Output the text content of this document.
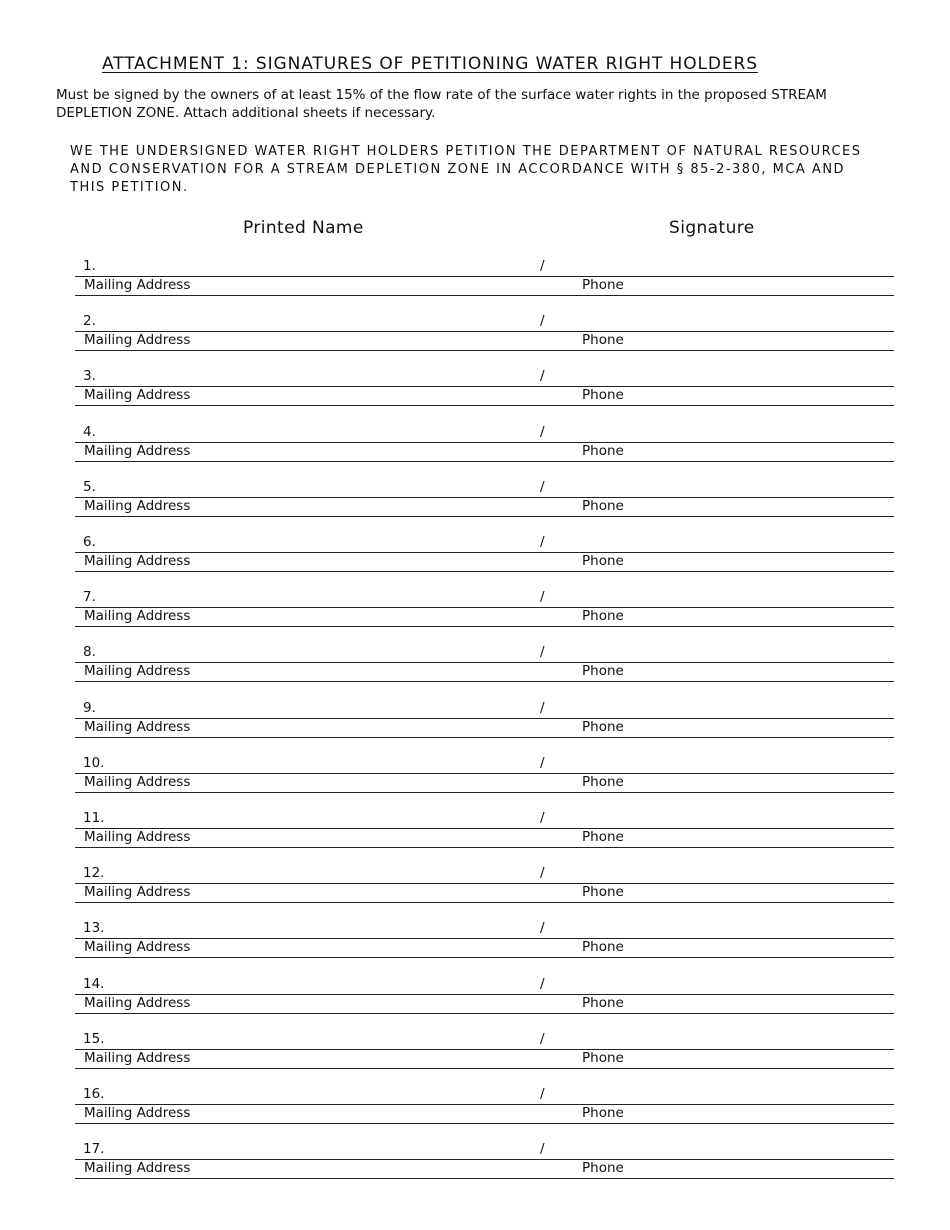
ATTACHMENT 1: SIGNATURES OF PETITIONING WATER RIGHT HOLDERS
Must be signed by the owners of at least 15% of the flow rate of the surface water rights in the proposed STREAM DEPLETION ZONE. Attach additional sheets if necessary.
WE THE UNDERSIGNED WATER RIGHT HOLDERS PETITION THE DEPARTMENT OF NATURAL RESOURCES AND CONSERVATION FOR A STREAM DEPLETION ZONE IN ACCORDANCE WITH § 85-2-380, MCA AND THIS PETITION.
Printed Name	Signature
1.	/
Mailing Address	Phone
2.	/
Mailing Address	Phone
3.	/
Mailing Address	Phone
4.	/
Mailing Address	Phone
5.	/
Mailing Address	Phone
6.	/
Mailing Address	Phone
7.	/
Mailing Address	Phone
8.	/
Mailing Address	Phone
9.	/
Mailing Address	Phone
10.	/
Mailing Address	Phone
11.	/
Mailing Address	Phone
12.	/
Mailing Address	Phone
13.	/
Mailing Address	Phone
14.	/
Mailing Address	Phone
15.	/
Mailing Address	Phone
16.	/
Mailing Address	Phone
17.	/
Mailing Address	Phone
